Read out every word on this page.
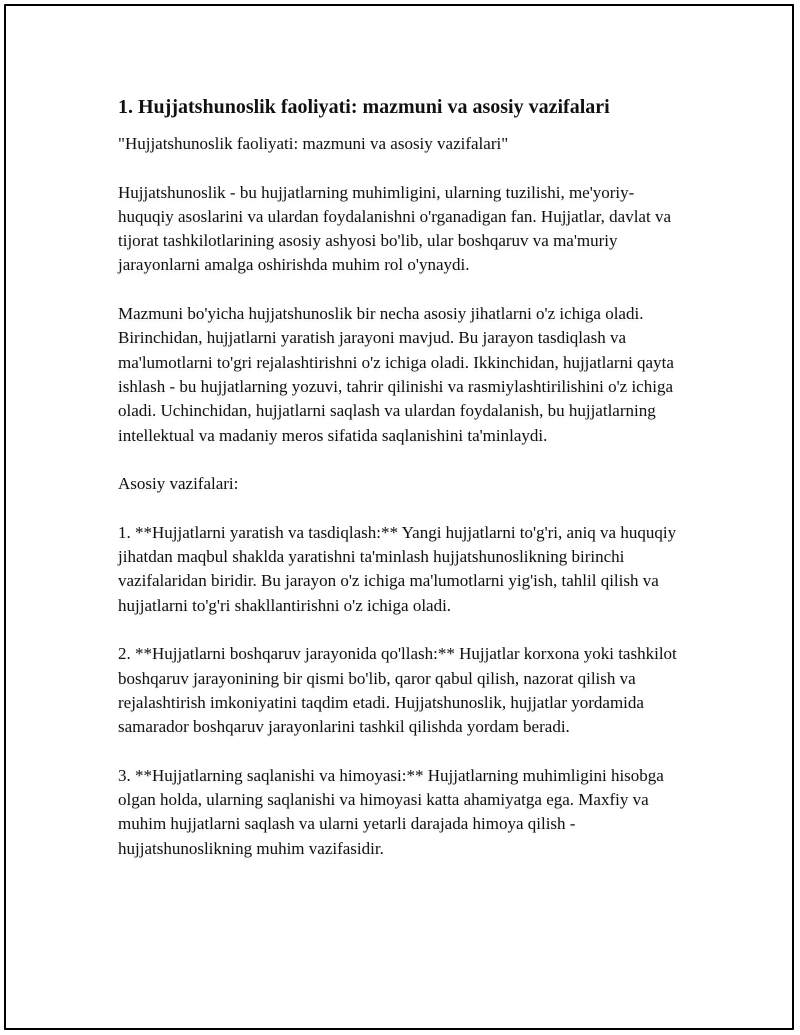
1. Hujjatshunoslik faoliyati: mazmuni va asosiy vazifalari

"Hujjatshunoslik faoliyati: mazmuni va asosiy vazifalari"

Hujjatshunoslik - bu hujjatlarning muhimligini, ularning tuzilishi, me'yoriy-huquqiy asoslarini va ulardan foydalanishni o'rganadigan fan. Hujjatlar, davlat va tijorat tashkilotlarining asosiy ashyosi bo'lib, ular boshqaruv va ma'muriy jarayonlarni amalga oshirishda muhim rol o'ynaydi.

Mazmuni bo'yicha hujjatshunoslik bir necha asosiy jihatlarni o'z ichiga oladi. Birinchidan, hujjatlarni yaratish jarayoni mavjud. Bu jarayon tasdiqlash va ma'lumotlarni to'gri rejalashtirishni o'z ichiga oladi. Ikkinchidan, hujjatlarni qayta ishlash - bu hujjatlarning yozuvi, tahrir qilinishi va rasmiylashtirilishini o'z ichiga oladi. Uchinchidan, hujjatlarni saqlash va ulardan foydalanish, bu hujjatlarning intellektual va madaniy meros sifatida saqlanishini ta'minlaydi.

Asosiy vazifalari:

1. **Hujjatlarni yaratish va tasdiqlash:** Yangi hujjatlarni to'g'ri, aniq va huquqiy jihatdan maqbul shaklda yaratishni ta'minlash hujjatshunoslikning birinchi vazifalaridan biridir. Bu jarayon o'z ichiga ma'lumotlarni yig'ish, tahlil qilish va hujjatlarni to'g'ri shakllantirishni o'z ichiga oladi.

2. **Hujjatlarni boshqaruv jarayonida qo'llash:** Hujjatlar korxona yoki tashkilot boshqaruv jarayonining bir qismi bo'lib, qaror qabul qilish, nazorat qilish va rejalashtirish imkoniyatini taqdim etadi. Hujjatshunoslik, hujjatlar yordamida samarador boshqaruv jarayonlarini tashkil qilishda yordam beradi.

3. **Hujjatlarning saqlanishi va himoyasi:** Hujjatlarning muhimligini hisobga olgan holda, ularning saqlanishi va himoyasi katta ahamiyatga ega. Maxfiy va muhim hujjatlarni saqlash va ularni yetarli darajada himoya qilish - hujjatshunoslikning muhim vazifasidir.
